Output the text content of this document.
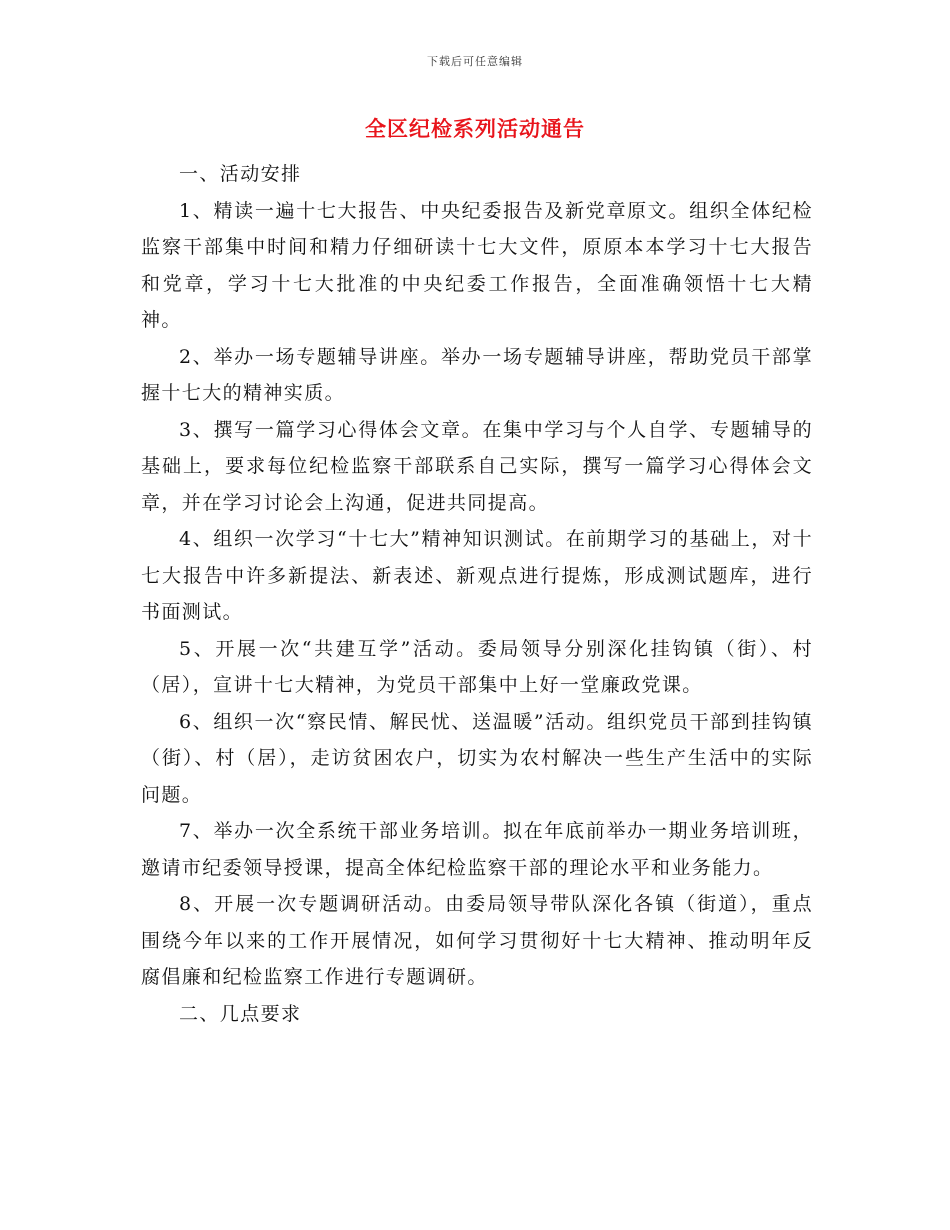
下载后可任意编辑
全区纪检系列活动通告

一、活动安排

1、精读一遍十七大报告、中央纪委报告及新党章原文。组织全体纪检监察干部集中时间和精力仔细研读十七大文件，原原本本学习十七大报告和党章，学习十七大批准的中央纪委工作报告，全面准确领悟十七大精神。

2、举办一场专题辅导讲座。举办一场专题辅导讲座，帮助党员干部掌握十七大的精神实质。

3、撰写一篇学习心得体会文章。在集中学习与个人自学、专题辅导的基础上，要求每位纪检监察干部联系自己实际，撰写一篇学习心得体会文章，并在学习讨论会上沟通，促进共同提高。

4、组织一次学习“十七大”精神知识测试。在前期学习的基础上，对十七大报告中许多新提法、新表述、新观点进行提炼，形成测试题库，进行书面测试。

5、开展一次“共建互学”活动。委局领导分别深化挂钩镇（街）、村（居），宣讲十七大精神，为党员干部集中上好一堂廉政党课。

6、组织一次“察民情、解民忧、送温暖”活动。组织党员干部到挂钩镇（街）、村（居），走访贫困农户，切实为农村解决一些生产生活中的实际问题。

7、举办一次全系统干部业务培训。拟在年底前举办一期业务培训班，邀请市纪委领导授课，提高全体纪检监察干部的理论水平和业务能力。

8、开展一次专题调研活动。由委局领导带队深化各镇（街道），重点围绕今年以来的工作开展情况，如何学习贯彻好十七大精神、推动明年反腐倡廉和纪检监察工作进行专题调研。

二、几点要求
